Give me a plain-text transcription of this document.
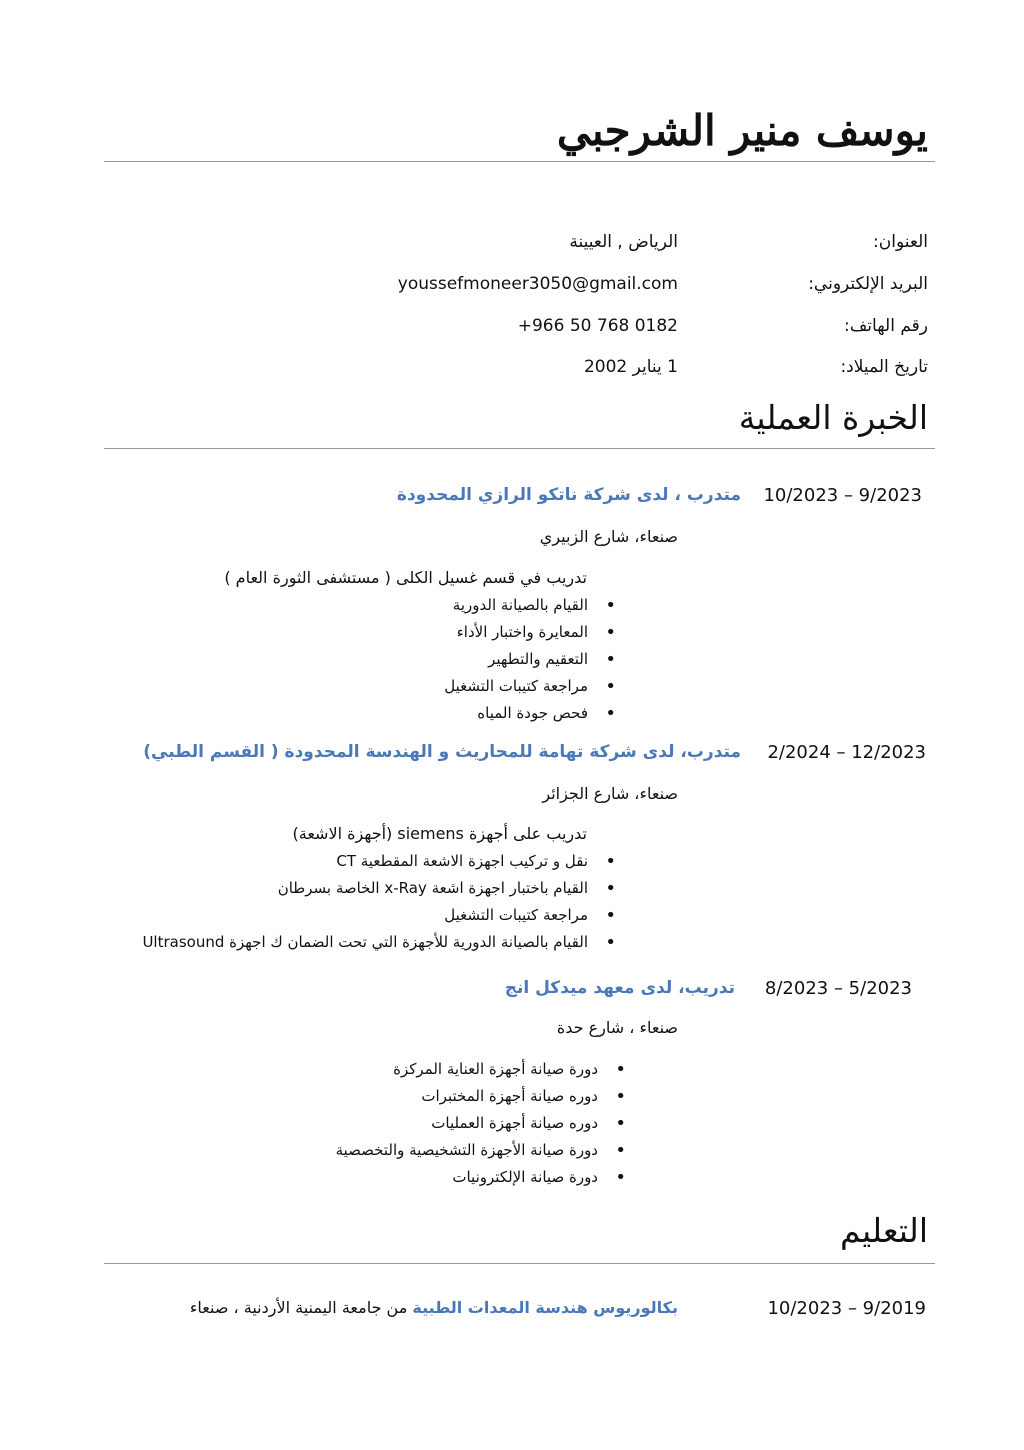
يوسف منير الشرجبي
العنوان:
الرياض , العيينة
البريد الإلكتروني:
youssefmoneer3050@gmail.com
رقم الهاتف:
+966 50 768 0182
تاريخ الميلاد:
1 يناير 2002
الخبرة العملية
10/2023 – 9/2023
متدرب ، لدى شركة ناتكو الرازي المحدودة
صنعاء، شارع الزبيري
تدريب في قسم غسيل الكلى ( مستشفى الثورة العام )
• القيام بالصيانة الدورية
• المعايرة واختبار الأداء
• التعقيم والتطهير
• مراجعة كتيبات التشغيل
• فحص جودة المياه
2/2024 – 12/2023
متدرب، لدى شركة تهامة للمحاريث و الهندسة المحدودة ( القسم الطبي)
صنعاء، شارع الجزائر
تدريب على أجهزة siemens (أجهزة الاشعة)
• نقل و تركيب اجهزة الاشعة المقطعية CT
• القيام باختبار اجهزة اشعة x-Ray الخاصة بسرطان
• مراجعة كتيبات التشغيل
• القيام بالصيانة الدورية للأجهزة التي تحت الضمان ك اجهزة Ultrasound
8/2023 – 5/2023
تدريب، لدى معهد ميدكل انج
صنعاء ، شارع حدة
• دورة صيانة أجهزة العناية المركزة
• دوره صيانة أجهزة المختبرات
• دوره صيانة أجهزة العمليات
• دورة صيانة الأجهزة التشخيصية والتخصصية
• دورة صيانة الإلكترونيات
التعليم
10/2023 – 9/2019
بكالوريوس هندسة المعدات الطبية من جامعة اليمنية الأردنية ، صنعاء
